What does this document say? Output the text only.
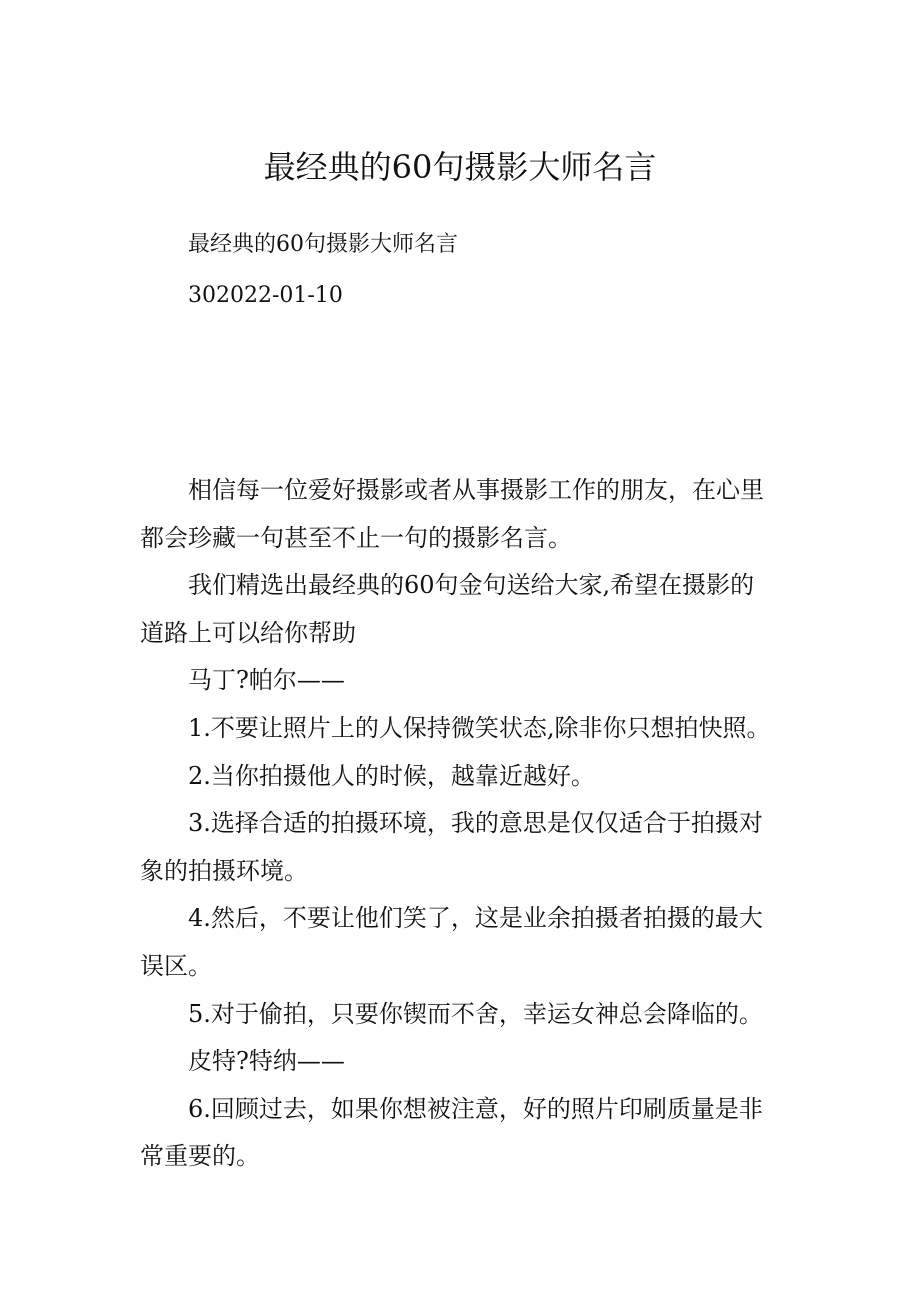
最经典的60句摄影大师名言
最经典的60句摄影大师名言
302022-01-10
相信每一位爱好摄影或者从事摄影工作的朋友，在心里
都会珍藏一句甚至不止一句的摄影名言。
我们精选出最经典的60句金句送给大家,希望在摄影的
道路上可以给你帮助
马丁?帕尔——
1.不要让照片上的人保持微笑状态,除非你只想拍快照。
2.当你拍摄他人的时候，越靠近越好。
3.选择合适的拍摄环境，我的意思是仅仅适合于拍摄对
象的拍摄环境。
4.然后，不要让他们笑了，这是业余拍摄者拍摄的最大
误区。
5.对于偷拍，只要你锲而不舍，幸运女神总会降临的。
皮特?特纳——
6.回顾过去，如果你想被注意，好的照片印刷质量是非
常重要的。
